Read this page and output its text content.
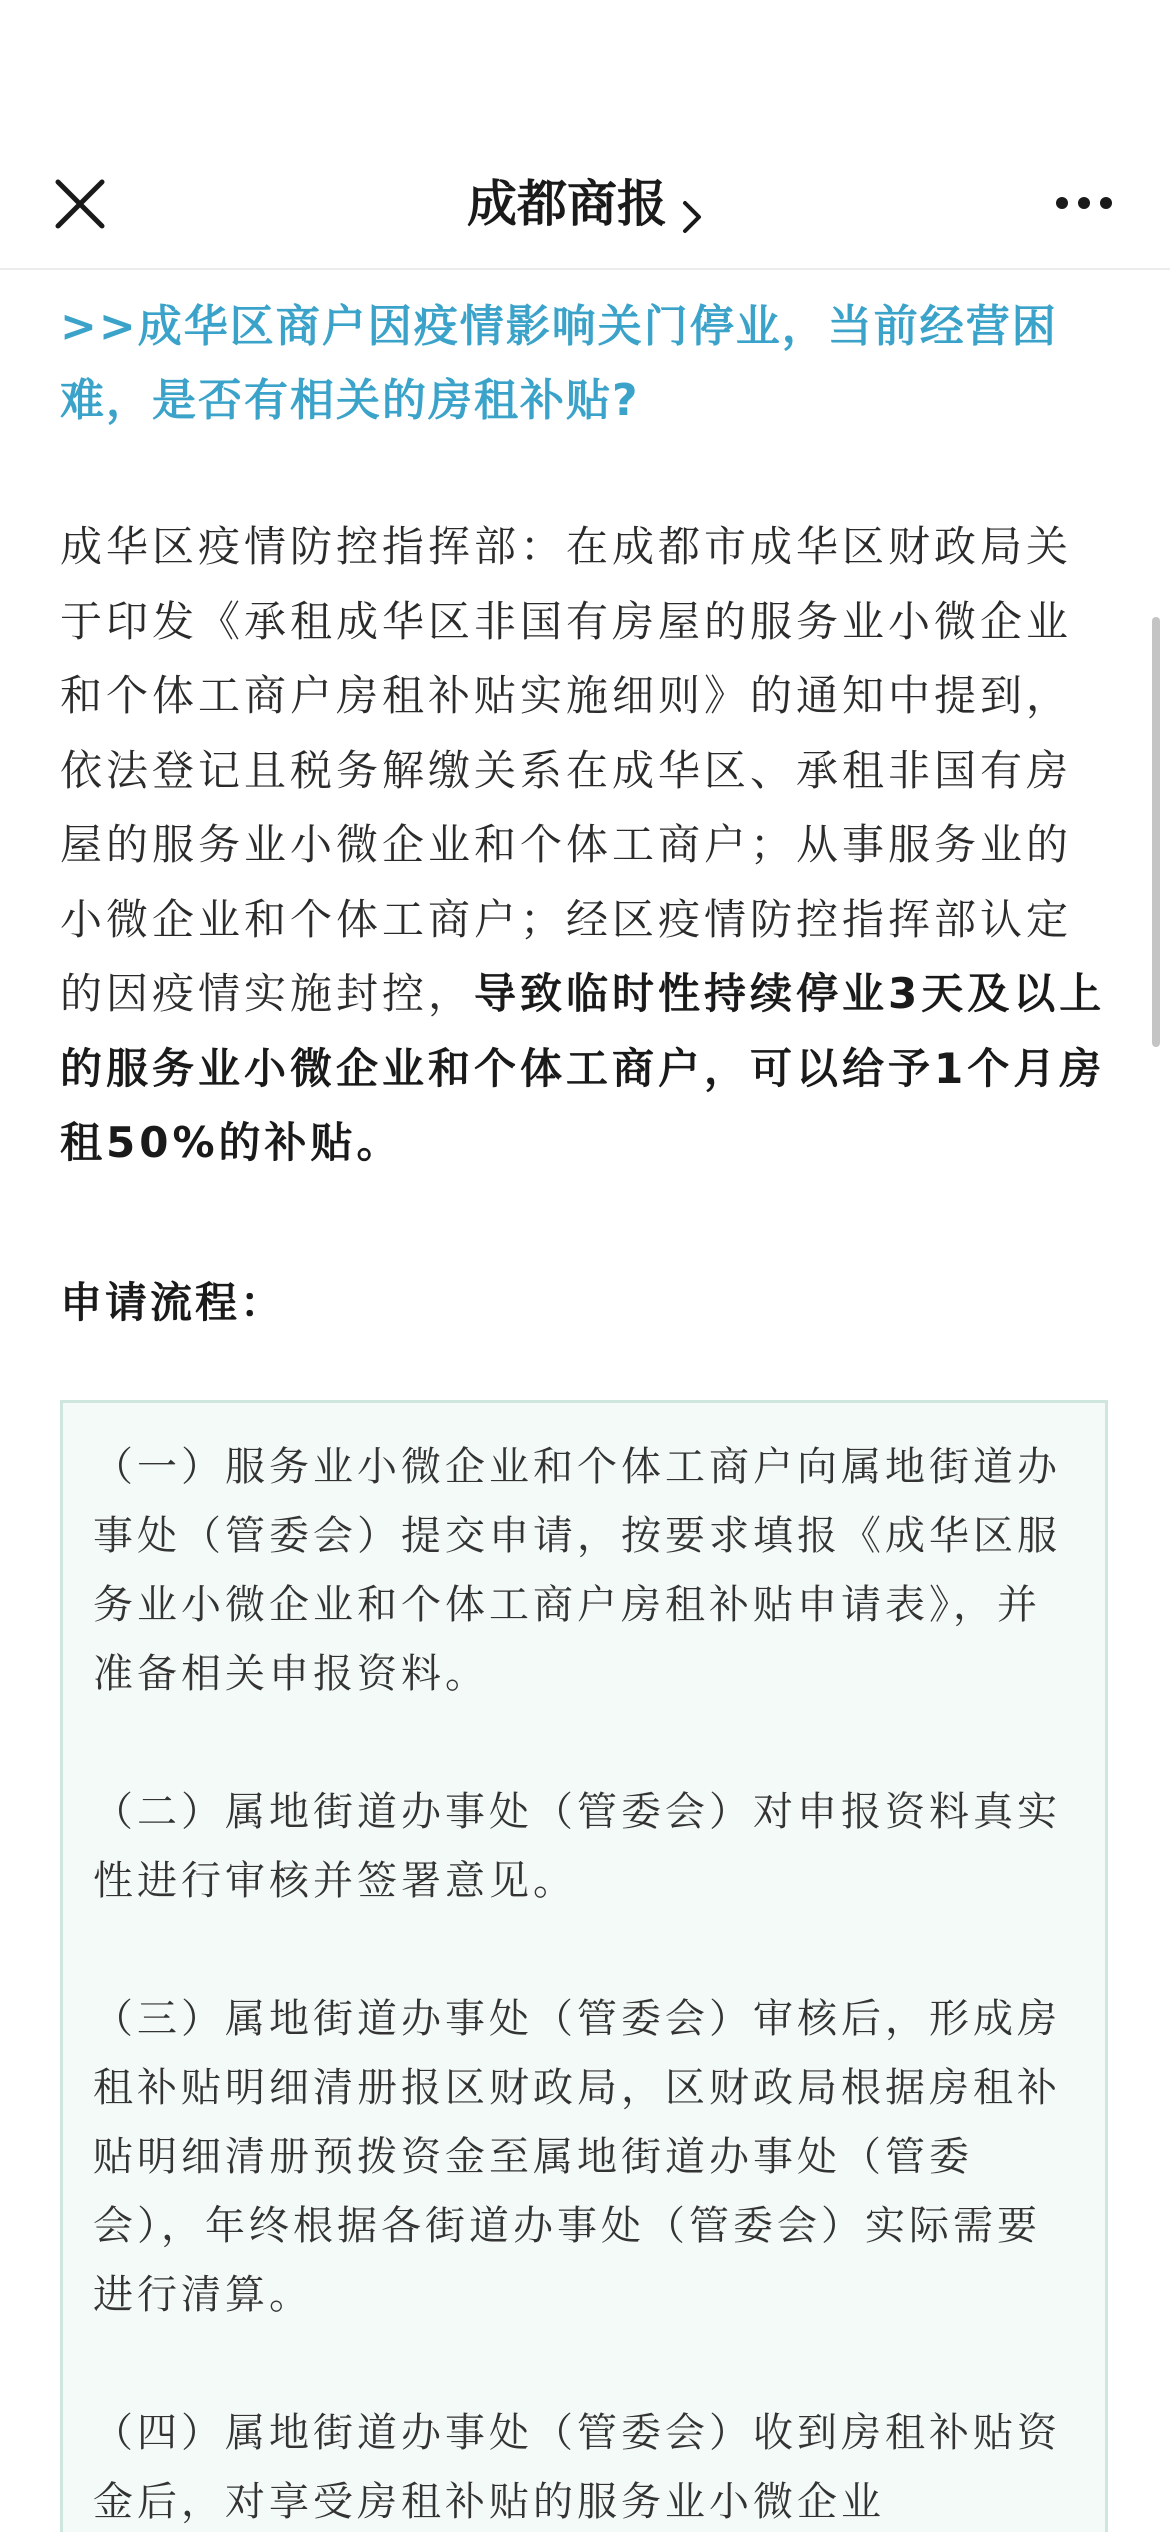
成都商报
>>成华区商户因疫情影响关门停业，当前经营困难，是否有相关的房租补贴?
成华区疫情防控指挥部：在成都市成华区财政局关于印发《承租成华区非国有房屋的服务业小微企业和个体工商户房租补贴实施细则》的通知中提到，依法登记且税务解缴关系在成华区、承租非国有房屋的服务业小微企业和个体工商户；从事服务业的小微企业和个体工商户；经区疫情防控指挥部认定的因疫情实施封控，导致临时性持续停业3天及以上的服务业小微企业和个体工商户，可以给予1个月房租50%的补贴。
申请流程：
（一）服务业小微企业和个体工商户向属地街道办事处（管委会）提交申请，按要求填报《成华区服务业小微企业和个体工商户房租补贴申请表》，并准备相关申报资料。
（二）属地街道办事处（管委会）对申报资料真实性进行审核并签署意见。
（三）属地街道办事处（管委会）审核后，形成房租补贴明细清册报区财政局，区财政局根据房租补贴明细清册预拨资金至属地街道办事处（管委会），年终根据各街道办事处（管委会）实际需要进行清算。
（四）属地街道办事处（管委会）收到房租补贴资金后，对享受房租补贴的服务业小微企业
